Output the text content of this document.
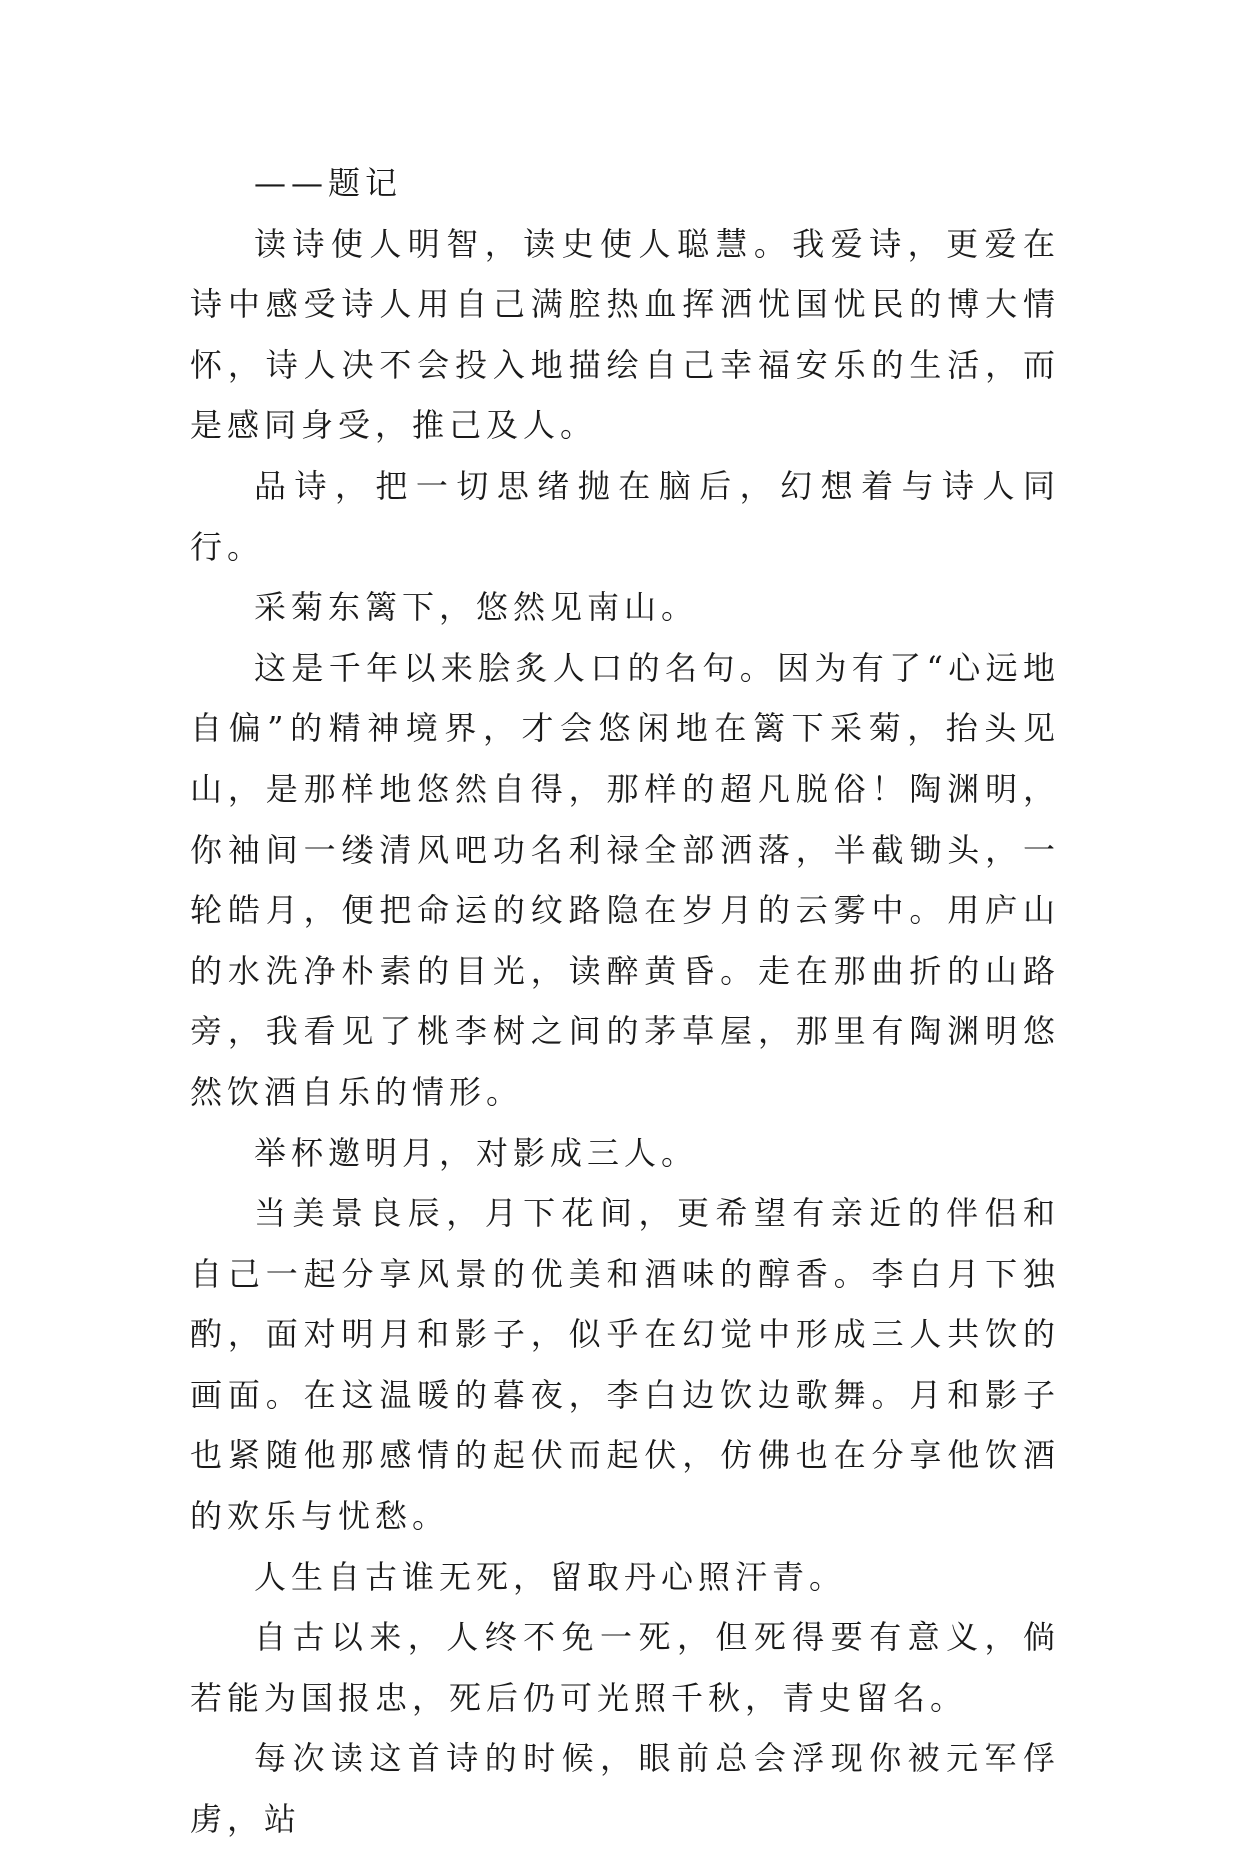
——题记

读诗使人明智，读史使人聪慧。我爱诗，更爱在诗中感受诗人用自己满腔热血挥洒忧国忧民的博大情怀，诗人决不会投入地描绘自己幸福安乐的生活，而是感同身受，推己及人。

品诗，把一切思绪抛在脑后，幻想着与诗人同行。

采菊东篱下，悠然见南山。

这是千年以来脍炙人口的名句。因为有了“心远地自偏”的精神境界，才会悠闲地在篱下采菊，抬头见山，是那样地悠然自得，那样的超凡脱俗！陶渊明，你袖间一缕清风吧功名利禄全部洒落，半截锄头，一轮皓月，便把命运的纹路隐在岁月的云雾中。用庐山的水洗净朴素的目光，读醉黄昏。走在那曲折的山路旁，我看见了桃李树之间的茅草屋，那里有陶渊明悠然饮酒自乐的情形。

举杯邀明月，对影成三人。

当美景良辰，月下花间，更希望有亲近的伴侣和自己一起分享风景的优美和酒味的醇香。李白月下独酌，面对明月和影子，似乎在幻觉中形成三人共饮的画面。在这温暖的暮夜，李白边饮边歌舞。月和影子也紧随他那感情的起伏而起伏，仿佛也在分享他饮酒的欢乐与忧愁。

人生自古谁无死，留取丹心照汗青。

自古以来，人终不免一死，但死得要有意义，倘若能为国报忠，死后仍可光照千秋，青史留名。

每次读这首诗的时候，眼前总会浮现你被元军俘虏，站
